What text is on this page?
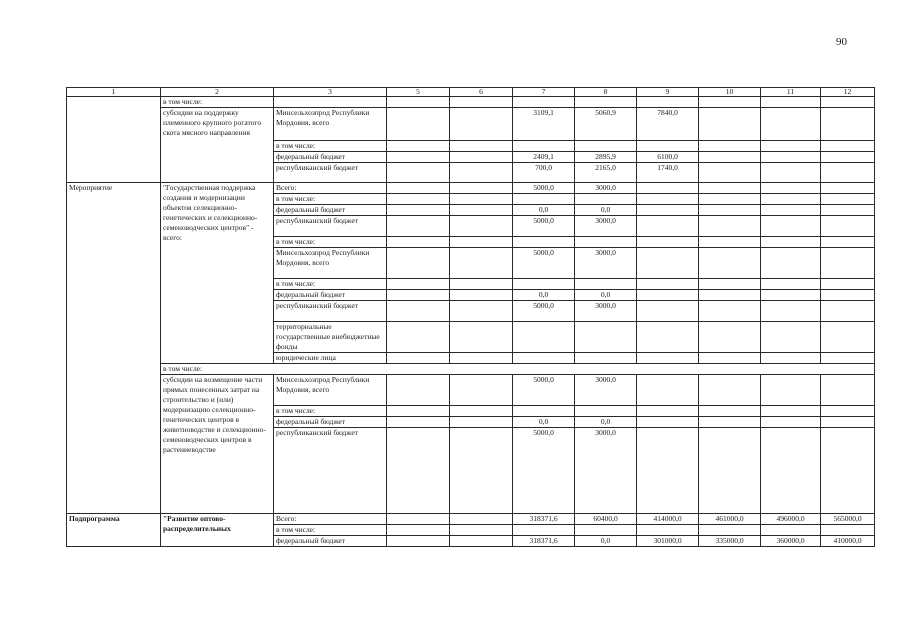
90
1	2	3	5	6	7	8	9	10	11	12
	в том числе:									
	субсидии на поддержку племенного крупного рогатого скота мясного направления	Минсельхозпрод Республики Мордовия, всего			3109,1	5060,9	7840,0			
		в том числе:								
		федеральный бюджет			2409,1	2895,9	6100,0			
		республиканский бюджет			700,0	2165,0	1740,0			
Мероприятие	"Государственная поддержка создания и модернизации объектов селекционно-генетических и селекционно-семеноводческих центров" - всего:	Всего:			5000,0	3000,0				
		в том числе:								
		федеральный бюджет			0,0	0,0				
		республиканский бюджет			5000,0	3000,0				
		в том числе:								
		Минсельхозпрод Республики Мордовия, всего			5000,0	3000,0				
		в том числе:								
		федеральный бюджет			0,0	0,0				
		республиканский бюджет			5000,0	3000,0				
		территориальные государственные внебюджетные фонды								
		юридические лица								
	в том числе:									
	субсидии на возмещение части прямых понесенных затрат на строительство и (или) модернизацию селекционно-генетических центров в животноводстве и селекционно-семеноводческих центров в растениеводстве	Минсельхозпрод Республики Мордовия, всего			5000,0	3000,0				
		в том числе:								
		федеральный бюджет			0,0	0,0				
		республиканский бюджет			5000,0	3000,0				
Подпрограмма	"Развитие оптово-распределительных	Всего:			318371,6	60400,0	414000,0	461000,0	496000,0	565000,0
		в том числе:								
		федеральный бюджет			318371,6	0,0	301000,0	335000,0	360000,0	410000,0
